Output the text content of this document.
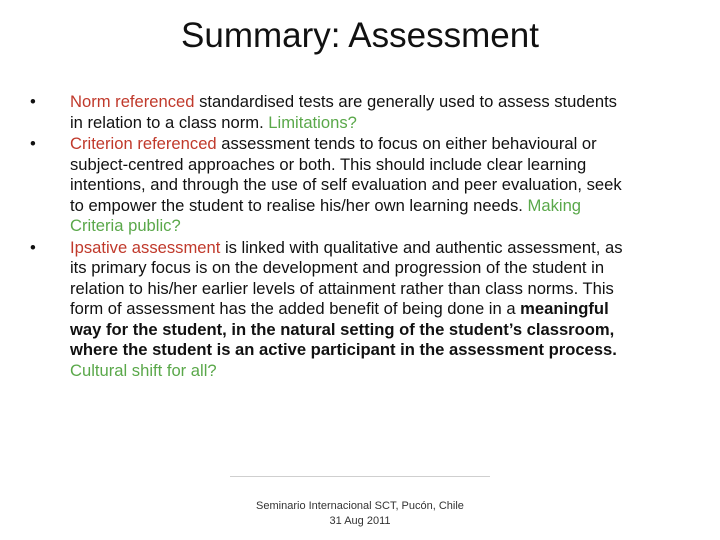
Summary: Assessment
•	Norm referenced standardised tests are generally used to assess students in relation to a class norm. Limitations?
•	Criterion referenced assessment tends to focus on either behavioural or subject-centred approaches or both. This should include clear learning intentions, and through the use of self evaluation and peer evaluation, seek to empower the student to realise his/her own learning needs. Making Criteria public?
•	Ipsative assessment is linked with qualitative and authentic assessment, as its primary focus is on the development and progression of the student in relation to his/her earlier levels of attainment rather than class norms. This form of assessment has the added benefit of being done in a meaningful way for the student, in the natural setting of the student’s classroom, where the student is an active participant in the assessment process. Cultural shift for all?
Seminario Internacional SCT, Pucón, Chile
31 Aug 2011
